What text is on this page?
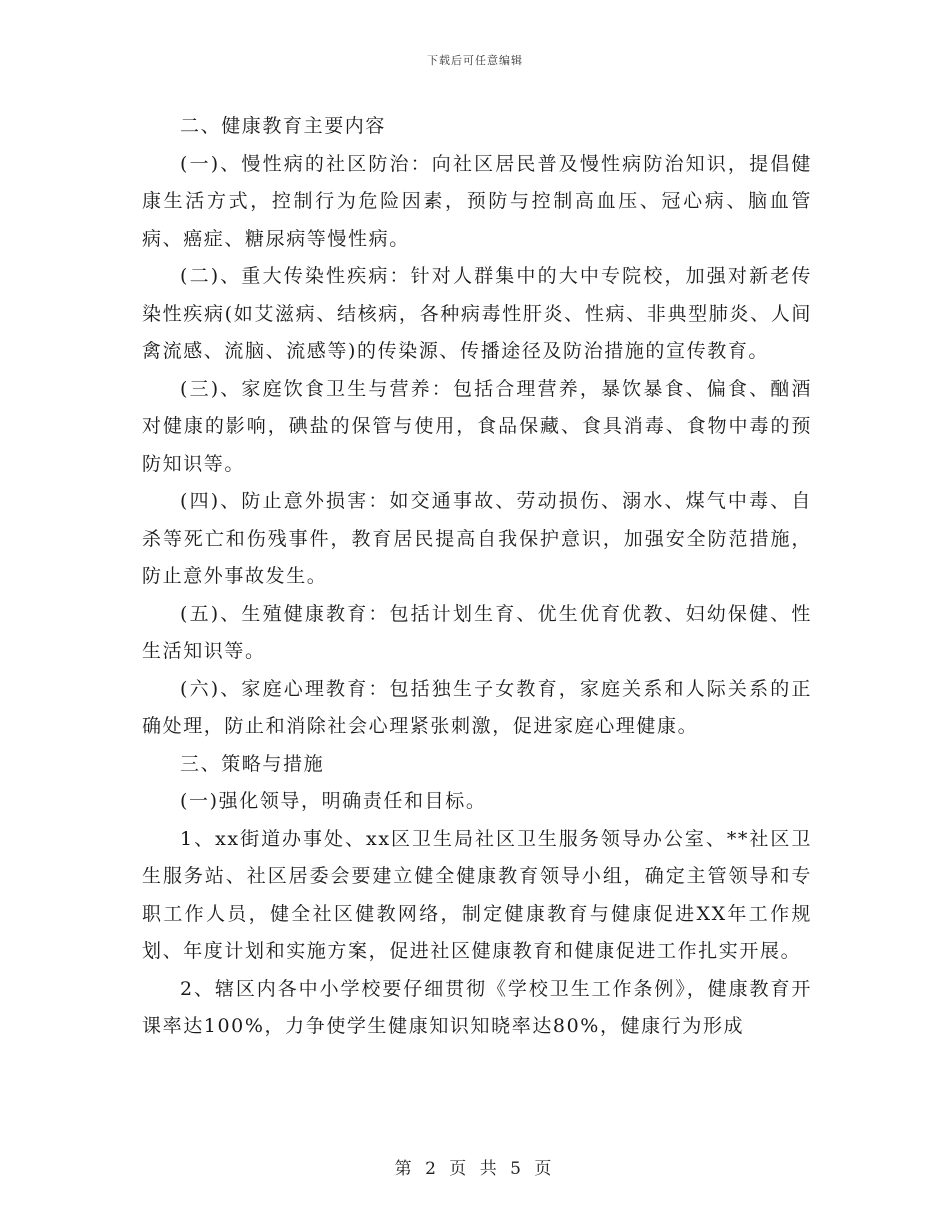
下载后可任意编辑

二、健康教育主要内容

(一)、慢性病的社区防治：向社区居民普及慢性病防治知识，提倡健康生活方式，控制行为危险因素，预防与控制高血压、冠心病、脑血管病、癌症、糖尿病等慢性病。

(二)、重大传染性疾病：针对人群集中的大中专院校，加强对新老传染性疾病(如艾滋病、结核病，各种病毒性肝炎、性病、非典型肺炎、人间禽流感、流脑、流感等)的传染源、传播途径及防治措施的宣传教育。

(三)、家庭饮食卫生与营养：包括合理营养，暴饮暴食、偏食、酗酒对健康的影响，碘盐的保管与使用，食品保藏、食具消毒、食物中毒的预防知识等。

(四)、防止意外损害：如交通事故、劳动损伤、溺水、煤气中毒、自杀等死亡和伤残事件，教育居民提高自我保护意识，加强安全防范措施，防止意外事故发生。

(五)、生殖健康教育：包括计划生育、优生优育优教、妇幼保健、性生活知识等。

(六)、家庭心理教育：包括独生子女教育，家庭关系和人际关系的正确处理，防止和消除社会心理紧张刺激，促进家庭心理健康。

三、策略与措施

(一)强化领导，明确责任和目标。

1、xx街道办事处、xx区卫生局社区卫生服务领导办公室、**社区卫生服务站、社区居委会要建立健全健康教育领导小组，确定主管领导和专职工作人员，健全社区健教网络，制定健康教育与健康促进XX年工作规划、年度计划和实施方案，促进社区健康教育和健康促进工作扎实开展。

2、辖区内各中小学校要仔细贯彻《学校卫生工作条例》，健康教育开课率达100%，力争使学生健康知识知晓率达80%，健康行为形成

第 2 页 共 5 页
